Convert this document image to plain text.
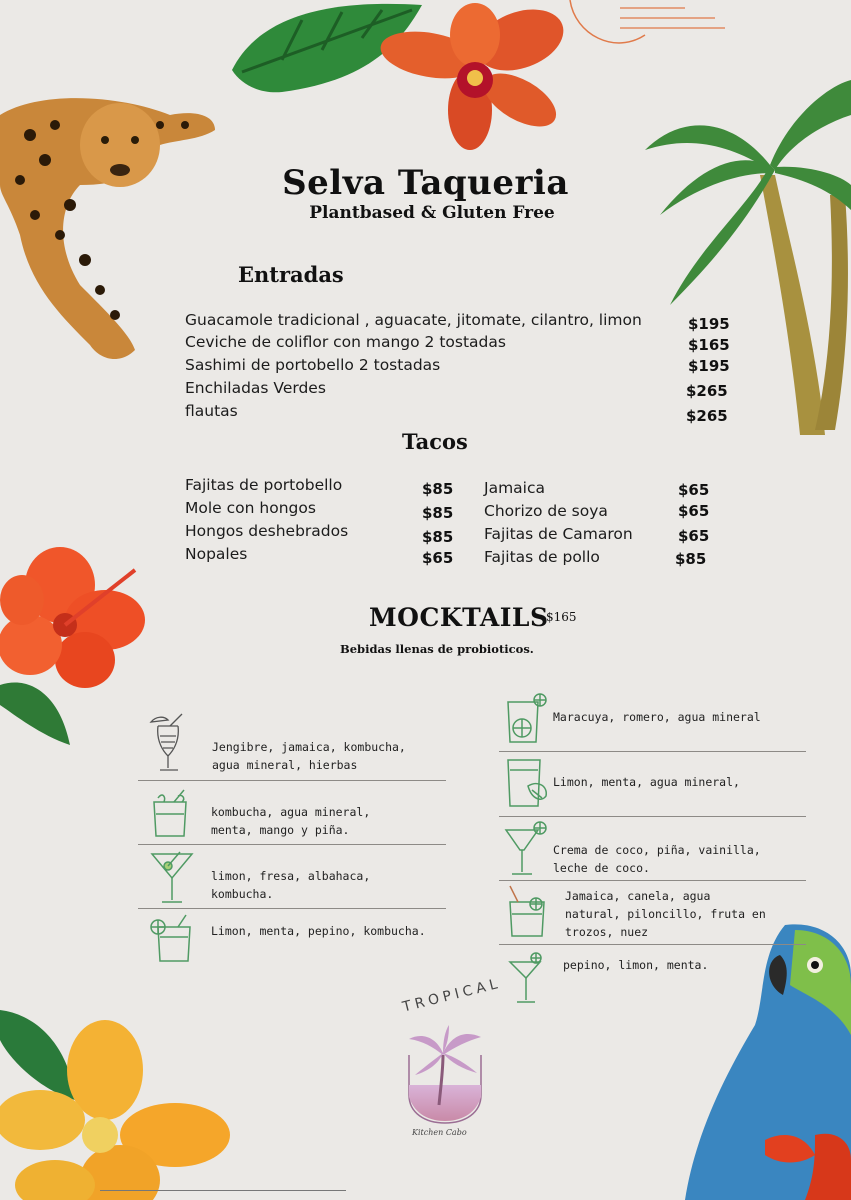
Selva Taqueria
Plantbased & Gluten Free
Entradas
Guacamole tradicional , aguacate, jitomate, cilantro, limon	$195
Ceviche de coliflor con mango 2 tostadas	$165
Sashimi de portobello 2 tostadas	$195
Enchiladas Verdes	$265
flautas	$265
Tacos
Fajitas de portobello	$85
Mole con hongos	$85
Hongos deshebrados	$85
Nopales	$65
Jamaica	$65
Chorizo de soya	$65
Fajitas de Camaron	$65
Fajitas de pollo	$85
MOCKTAILS
$165
Bebidas llenas de probioticos.
Jengibre, jamaica, kombucha,
agua mineral, hierbas
kombucha, agua mineral,
menta, mango y piña.
limon, fresa, albahaca,
kombucha.
Limon, menta, pepino, kombucha.
Maracuya, romero, agua mineral
Limon, menta, agua mineral,
Crema de coco, piña, vainilla,
leche de coco.
Jamaica, canela, agua
natural, piloncillo, fruta en
trozos, nuez
pepino, limon, menta.
TROPICAL
Kitchen Cabo
